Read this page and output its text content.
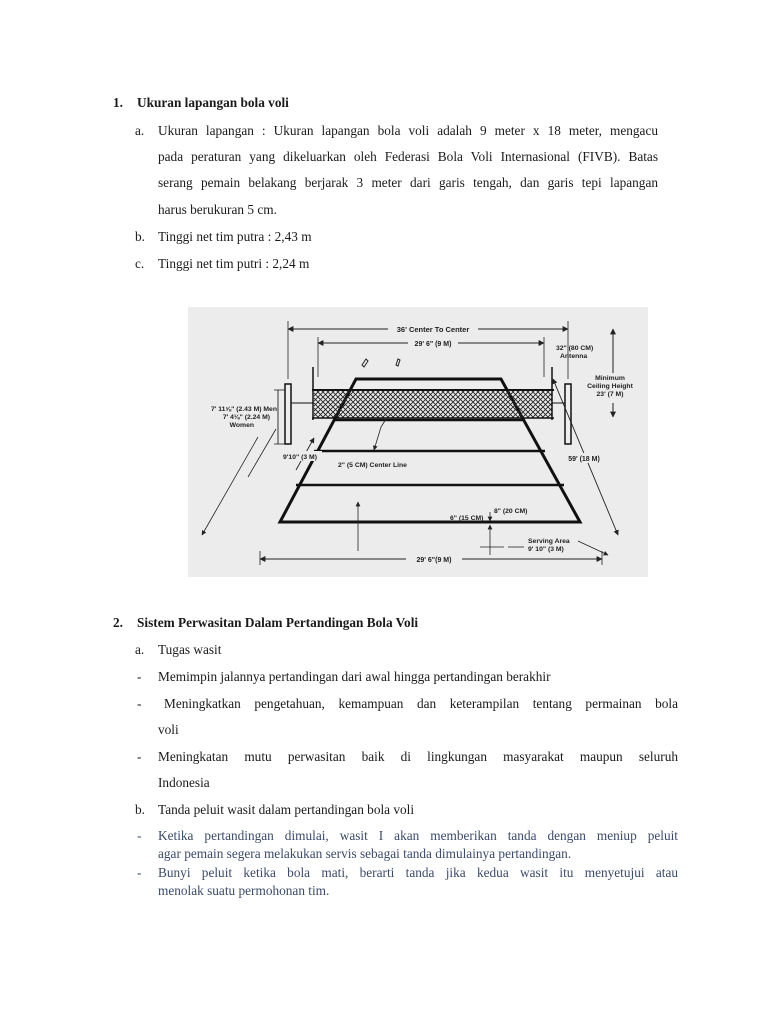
1. Ukuran lapangan bola voli
a. Ukuran lapangan : Ukuran lapangan bola voli adalah 9 meter x 18 meter, mengacu
pada peraturan yang dikeluarkan oleh Federasi Bola Voli Internasional (FIVB). Batas
serang pemain belakang berjarak 3 meter dari garis tengah, dan garis tepi lapangan
harus berukuran 5 cm.
b. Tinggi net tim putra : 2,43 m
c. Tinggi net tim putri : 2,24 m
36' Center To Center
29' 6" (9 M)
32" (80 CM)
Antenna
Minimum
Ceiling Height
23' (7 M)
7' 11⅝" (2.43 M) Men
7' 4⅛" (2.24 M)
Women
9'10" (3 M)
2" (5 CM) Center Line
59' (18 M)
8" (20 CM)
6" (15 CM)
Serving Area
9' 10" (3 M)
29' 6"(9 M)
2. Sistem Perwasitan Dalam Pertandingan Bola Voli
a. Tugas wasit
- Memimpin jalannya pertandingan dari awal hingga pertandingan berakhir
- Meningkatkan pengetahuan, kemampuan dan keterampilan tentang permainan bola
voli
- Meningkatan mutu perwasitan baik di lingkungan masyarakat maupun seluruh
Indonesia
b. Tanda peluit wasit dalam pertandingan bola voli
- Ketika pertandingan dimulai, wasit I akan memberikan tanda dengan meniup peluit
agar pemain segera melakukan servis sebagai tanda dimulainya pertandingan.
- Bunyi peluit ketika bola mati, berarti tanda jika kedua wasit itu menyetujui atau
menolak suatu permohonan tim.
